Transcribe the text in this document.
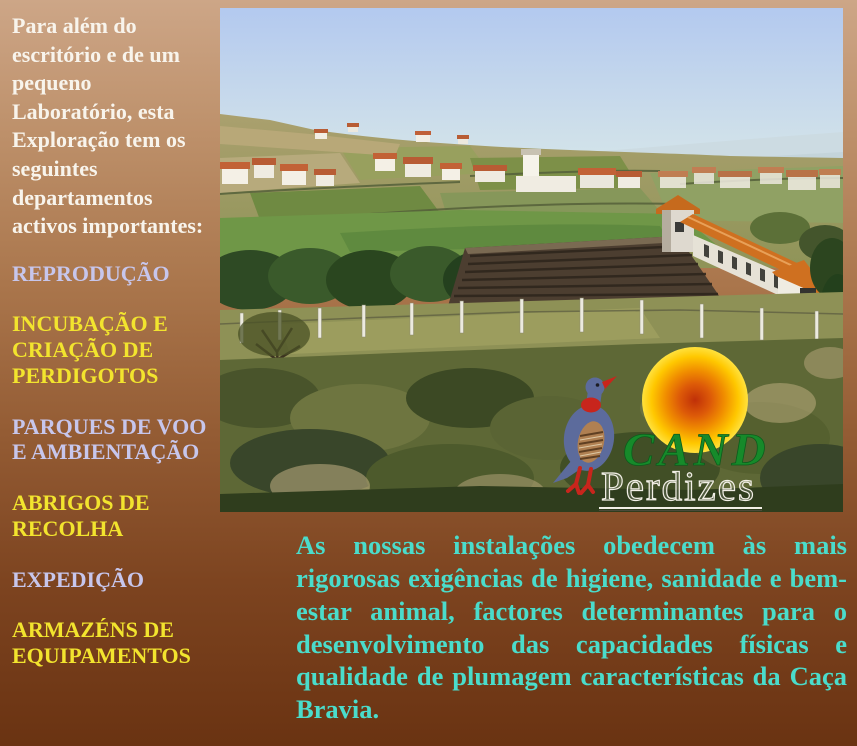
Para além do escritório e de um pequeno Laboratório, esta Exploração tem os seguintes departamentos activos importantes:

REPRODUÇÃO
INCUBAÇÃO E CRIAÇÃO DE PERDIGOTOS
PARQUES DE VOO E AMBIENTAÇÃO
ABRIGOS DE RECOLHA
EXPEDIÇÃO
ARMAZÉNS DE EQUIPAMENTOS
CAND
Perdizes

As nossas instalações obedecem às mais rigorosas exigências de higiene, sanidade e bem-estar animal, factores determinantes para o desenvolvimento das capacidades físicas e qualidade de plumagem características da Caça Bravia.
